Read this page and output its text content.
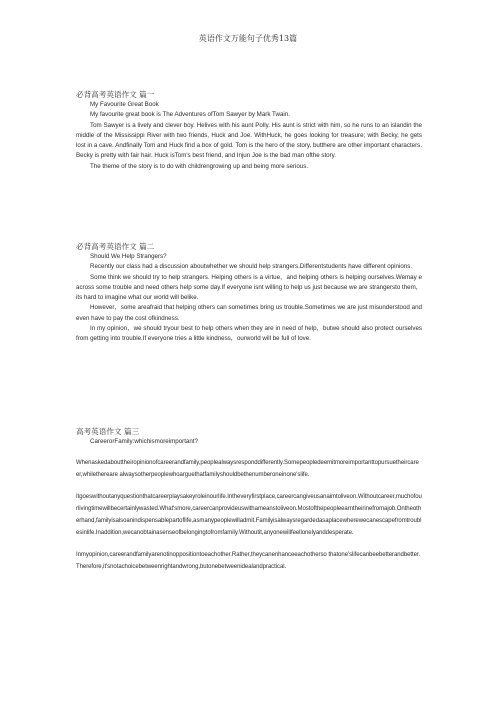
英语作文万能句子优秀13篇
必背高考英语作文 篇一
My Favourite Great Book

My favourite great book is The Adventures ofTom Sawyer by Mark Twain.

Tom Sawyer is a lively and clever boy. Helives with his aunt Polly. His aunt is strict with him, so he runs to an islandin the middle of the Mississippi River with two friends, Huck and Joe. WithHuck, he goes looking for treasure; with Becky, he gets lost in a cave. Andfinally Tom and Huck find a box of gold. Tom is the hero of the story, butthere are other important characters. Becky is pretty with fair hair. Huck isTom's best friend, and Injun Joe is the bad man ofthe story.

The theme of the story is to do with childrengrowing up and being more serious.

必背高考英语作文 篇二
Should We Help Strangers?

Recently our class had a discussion aboutwhether we should help strangers.Differentstudents have different opinions.

Some think we should try to help strangers. Helping others is a virtue，and helping others is helping ourselves.Wemay e across some trouble and need others help some day.If everyone isnt willing to help us just because we are strangersto them，its hard to imagine what our world will belike.

However，some areafraid that helping others can sometimes bring us trouble.Sometimes we are just misunderstood and even have to pay the cost ofkindness.

In my opinion，we should tryour best to help others when they are in need of help，butwe should also protect ourselves from getting into trouble.If everyone tries a little kindness，ourworld will be full of love.

高考英语作文 篇三
CareerorFamily:whichismoreimportant?

Whenaskedabouttheiropinionofcareerandfamily,peoplealwaysresponddifferently.Somepeopledeemitmoreimportanttopursuetheircareer,whilethereare alwaysotherpeoplewhoarguethatfamilyshouldbethenumberoneinone'slife.

Itgoeswithoutanyquestionthatcareerplaysakeyroleinourlife.Intheveryfirstplace,careercangiveusanaimtoliveon.Withoutcareer,muchofourlivingtimewillbecertainlywasted.What'smore,careercanprovideuswithameanstoliveon.Mostofthepeopleearntheirinefromajob.Ontheotherhand,familyisalsoanindispensablepartoflife,asmanypeoplewilladmit.Familyisalwaysregardedasaplacewherewecanescapefromtroublesinlife.Inaddition,wecanobtainasenseofbelongingtofromfamily.Withoutit,anyonewillfeellonelyanddesperate.

Inmyopinion,careerandfamilyarenotinoppositiontoeachother.Rather,theycanenhanceeachotherso thatone'slifecanbeebetterandbetter.Therefore,it'snotachoicebetweenrightandwrong,butonebetweenidealandpractical.
